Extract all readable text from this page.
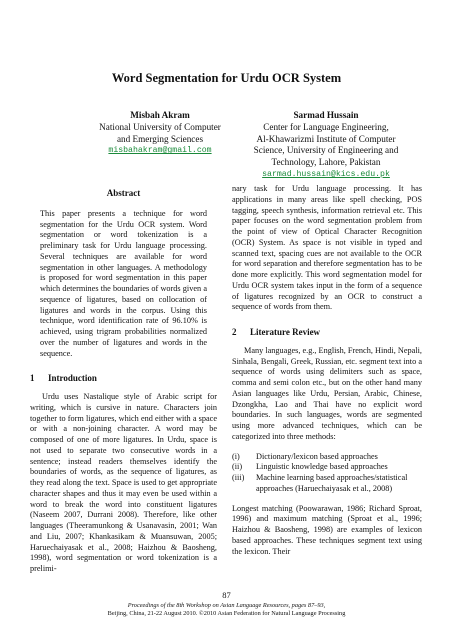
Word Segmentation for Urdu OCR System
Misbah Akram
National University of Computer
and Emerging Sciences
misbahakram@gmail.com
Sarmad Hussain
Center for Language Engineering,
Al-Khawarizmi Institute of Computer
Science, University of Engineering and
Technology, Lahore, Pakistan
sarmad.hussain@kics.edu.pk
Abstract

This paper presents a technique for word segmentation for the Urdu OCR system. Word segmentation or word tokenization is a preliminary task for Urdu language processing. Several techniques are available for word segmentation in other languages. A methodology is proposed for word segmentation in this paper which determines the boundaries of words given a sequence of ligatures, based on collocation of ligatures and words in the corpus. Using this technique, word identification rate of 96.10% is achieved, using trigram probabilities normalized over the number of ligatures and words in the sequence.

1 Introduction

Urdu uses Nastalique style of Arabic script for writing, which is cursive in nature. Characters join together to form ligatures, which end either with a space or with a non-joining character. A word may be composed of one of more ligatures. In Urdu, space is not used to separate two consecutive words in a sentence; instead readers themselves identify the boundaries of words, as the sequence of ligatures, as they read along the text. Space is used to get appropriate character shapes and thus it may even be used within a word to break the word into constituent ligatures (Naseem 2007, Durrani 2008). Therefore, like other languages (Theeramunkong & Usanavasin, 2001; Wan and Liu, 2007; Khankasikam & Muansuwan, 2005; Haruechaiyasak et al., 2008; Haizhou & Baosheng, 1998), word segmentation or word tokenization is a prelimi-

nary task for Urdu language processing. It has applications in many areas like spell checking, POS tagging, speech synthesis, information retrieval etc. This paper focuses on the word segmentation problem from the point of view of Optical Character Recognition (OCR) System. As space is not visible in typed and scanned text, spacing cues are not available to the OCR for word separation and therefore segmentation has to be done more explicitly. This word segmentation model for Urdu OCR system takes input in the form of a sequence of ligatures recognized by an OCR to construct a sequence of words from them.

2 Literature Review

Many languages, e.g., English, French, Hindi, Nepali, Sinhala, Bengali, Greek, Russian, etc. segment text into a sequence of words using delimiters such as space, comma and semi colon etc., but on the other hand many Asian languages like Urdu, Persian, Arabic, Chinese, Dzongkha, Lao and Thai have no explicit word boundaries. In such languages, words are segmented using more advanced techniques, which can be categorized into three methods:

(i)	Dictionary/lexicon based approaches
(ii)	Linguistic knowledge based approaches
(iii)	Machine learning based approaches/statistical approaches (Haruechaiyasak et al., 2008)

Longest matching (Poowarawan, 1986; Richard Sproat, 1996) and maximum matching (Sproat et al., 1996; Haizhou & Baosheng, 1998) are examples of lexicon based approaches. These techniques segment text using the lexicon. Their

87
Proceedings of the 8th Workshop on Asian Language Resources, pages 87–93,
Beijing, China, 21-22 August 2010. ©2010 Asian Federation for Natural Language Processing
